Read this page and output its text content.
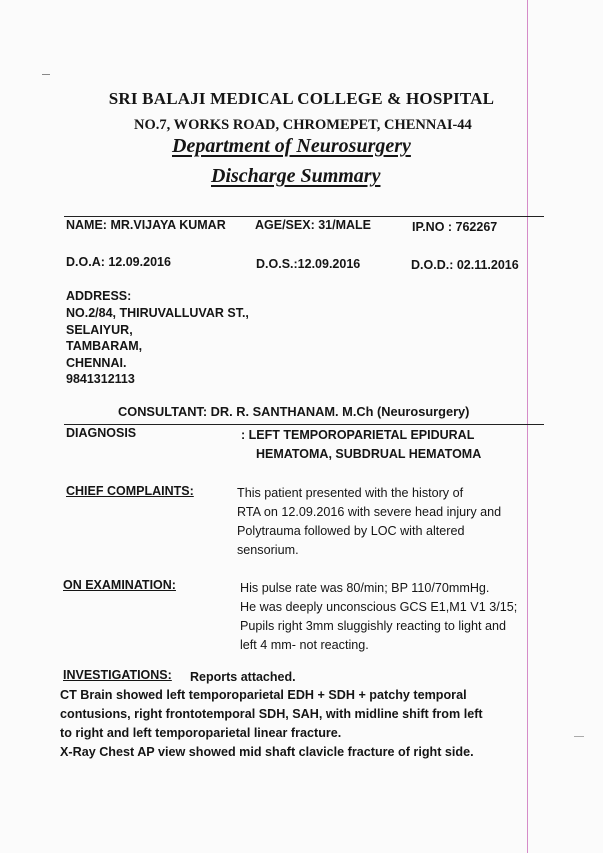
SRI BALAJI MEDICAL COLLEGE & HOSPITAL
NO.7, WORKS ROAD, CHROMEPET, CHENNAI-44
Department of Neurosurgery
Discharge Summary
NAME: MR.VIJAYA KUMAR AGE/SEX: 31/MALE	IP.NO : 762267
D.O.A: 12.09.2016	D.O.S.:12.09.2016	D.O.D.: 02.11.2016
ADDRESS:
NO.2/84, THIRUVALLUVAR ST.,
SELAIYUR,
TAMBARAM,
CHENNAI.
9841312113
CONSULTANT: DR. R. SANTHANAM. M.Ch (Neurosurgery)
DIAGNOSIS	: LEFT TEMPOROPARIETAL EPIDURAL
HEMATOMA, SUBDRUAL HEMATOMA
CHIEF COMPLAINTS:	This patient presented with the history of
RTA on 12.09.2016 with severe head injury and
Polytrauma followed by LOC with altered
sensorium.
ON EXAMINATION:	His pulse rate was 80/min; BP 110/70mmHg.
He was deeply unconscious GCS E1,M1 V1 3/15;
Pupils right 3mm sluggishly reacting to light and
left 4 mm- not reacting.
INVESTIGATIONS: Reports attached.
CT Brain showed left temporoparietal EDH + SDH + patchy temporal
contusions, right frontotemporal SDH, SAH, with midline shift from left
to right and left temporoparietal linear fracture.
X-Ray Chest AP view showed mid shaft clavicle fracture of right side.
